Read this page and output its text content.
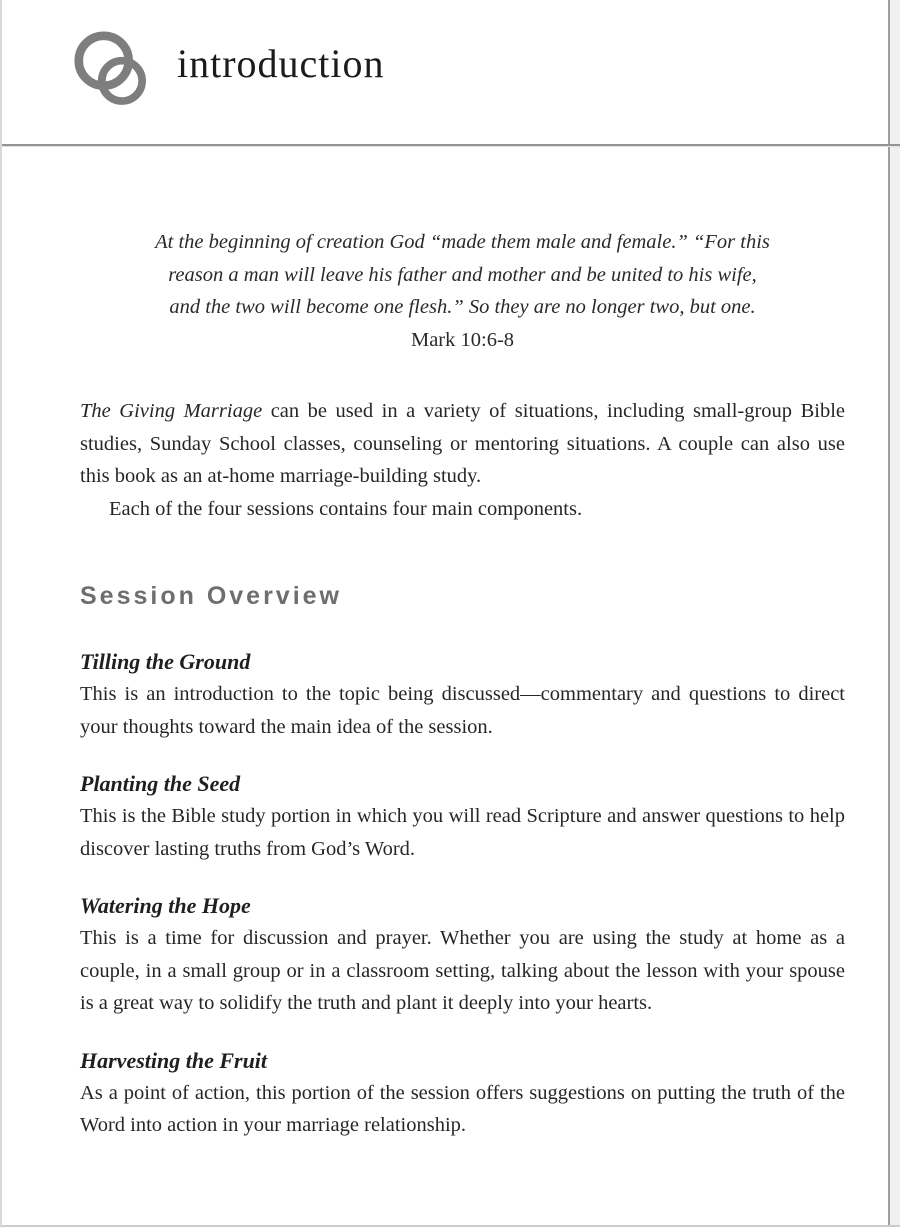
introduction
At the beginning of creation God “made them male and female.” “For this
reason a man will leave his father and mother and be united to his wife,
and the two will become one flesh.” So they are no longer two, but one.
Mark 10:6-8

The Giving Marriage can be used in a variety of situations, including small-group Bible studies, Sunday School classes, counseling or mentoring situations. A couple can also use this book as an at-home marriage-building study.

Each of the four sessions contains four main components.

Session Overview
Tilling the Ground

This is an introduction to the topic being discussed—commentary and questions to direct your thoughts toward the main idea of the session.

Planting the Seed

This is the Bible study portion in which you will read Scripture and answer questions to help discover lasting truths from God’s Word.

Watering the Hope

This is a time for discussion and prayer. Whether you are using the study at home as a couple, in a small group or in a classroom setting, talking about the lesson with your spouse is a great way to solidify the truth and plant it deeply into your hearts.

Harvesting the Fruit

As a point of action, this portion of the session offers suggestions on putting the truth of the Word into action in your marriage relationship.
